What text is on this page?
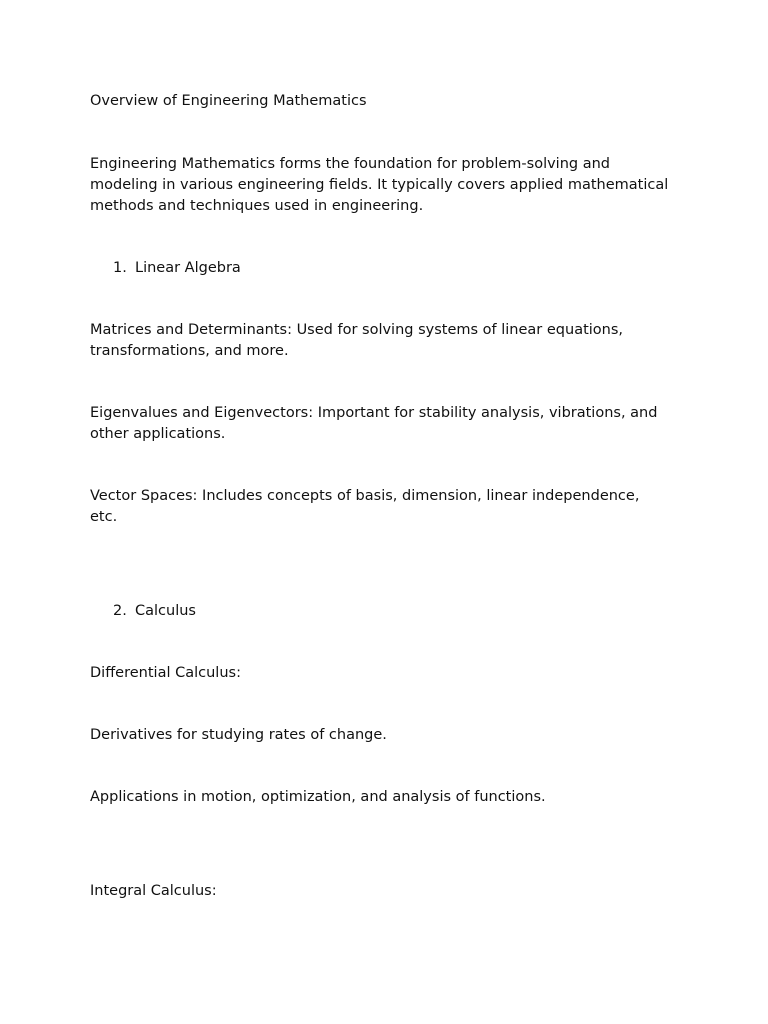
Overview of Engineering Mathematics

Engineering Mathematics forms the foundation for problem-solving and modeling in various engineering fields. It typically covers applied mathematical methods and techniques used in engineering.

1. Linear Algebra

Matrices and Determinants: Used for solving systems of linear equations, transformations, and more.

Eigenvalues and Eigenvectors: Important for stability analysis, vibrations, and other applications.

Vector Spaces: Includes concepts of basis, dimension, linear independence, etc.

2. Calculus

Differential Calculus:

Derivatives for studying rates of change.

Applications in motion, optimization, and analysis of functions.

Integral Calculus:
